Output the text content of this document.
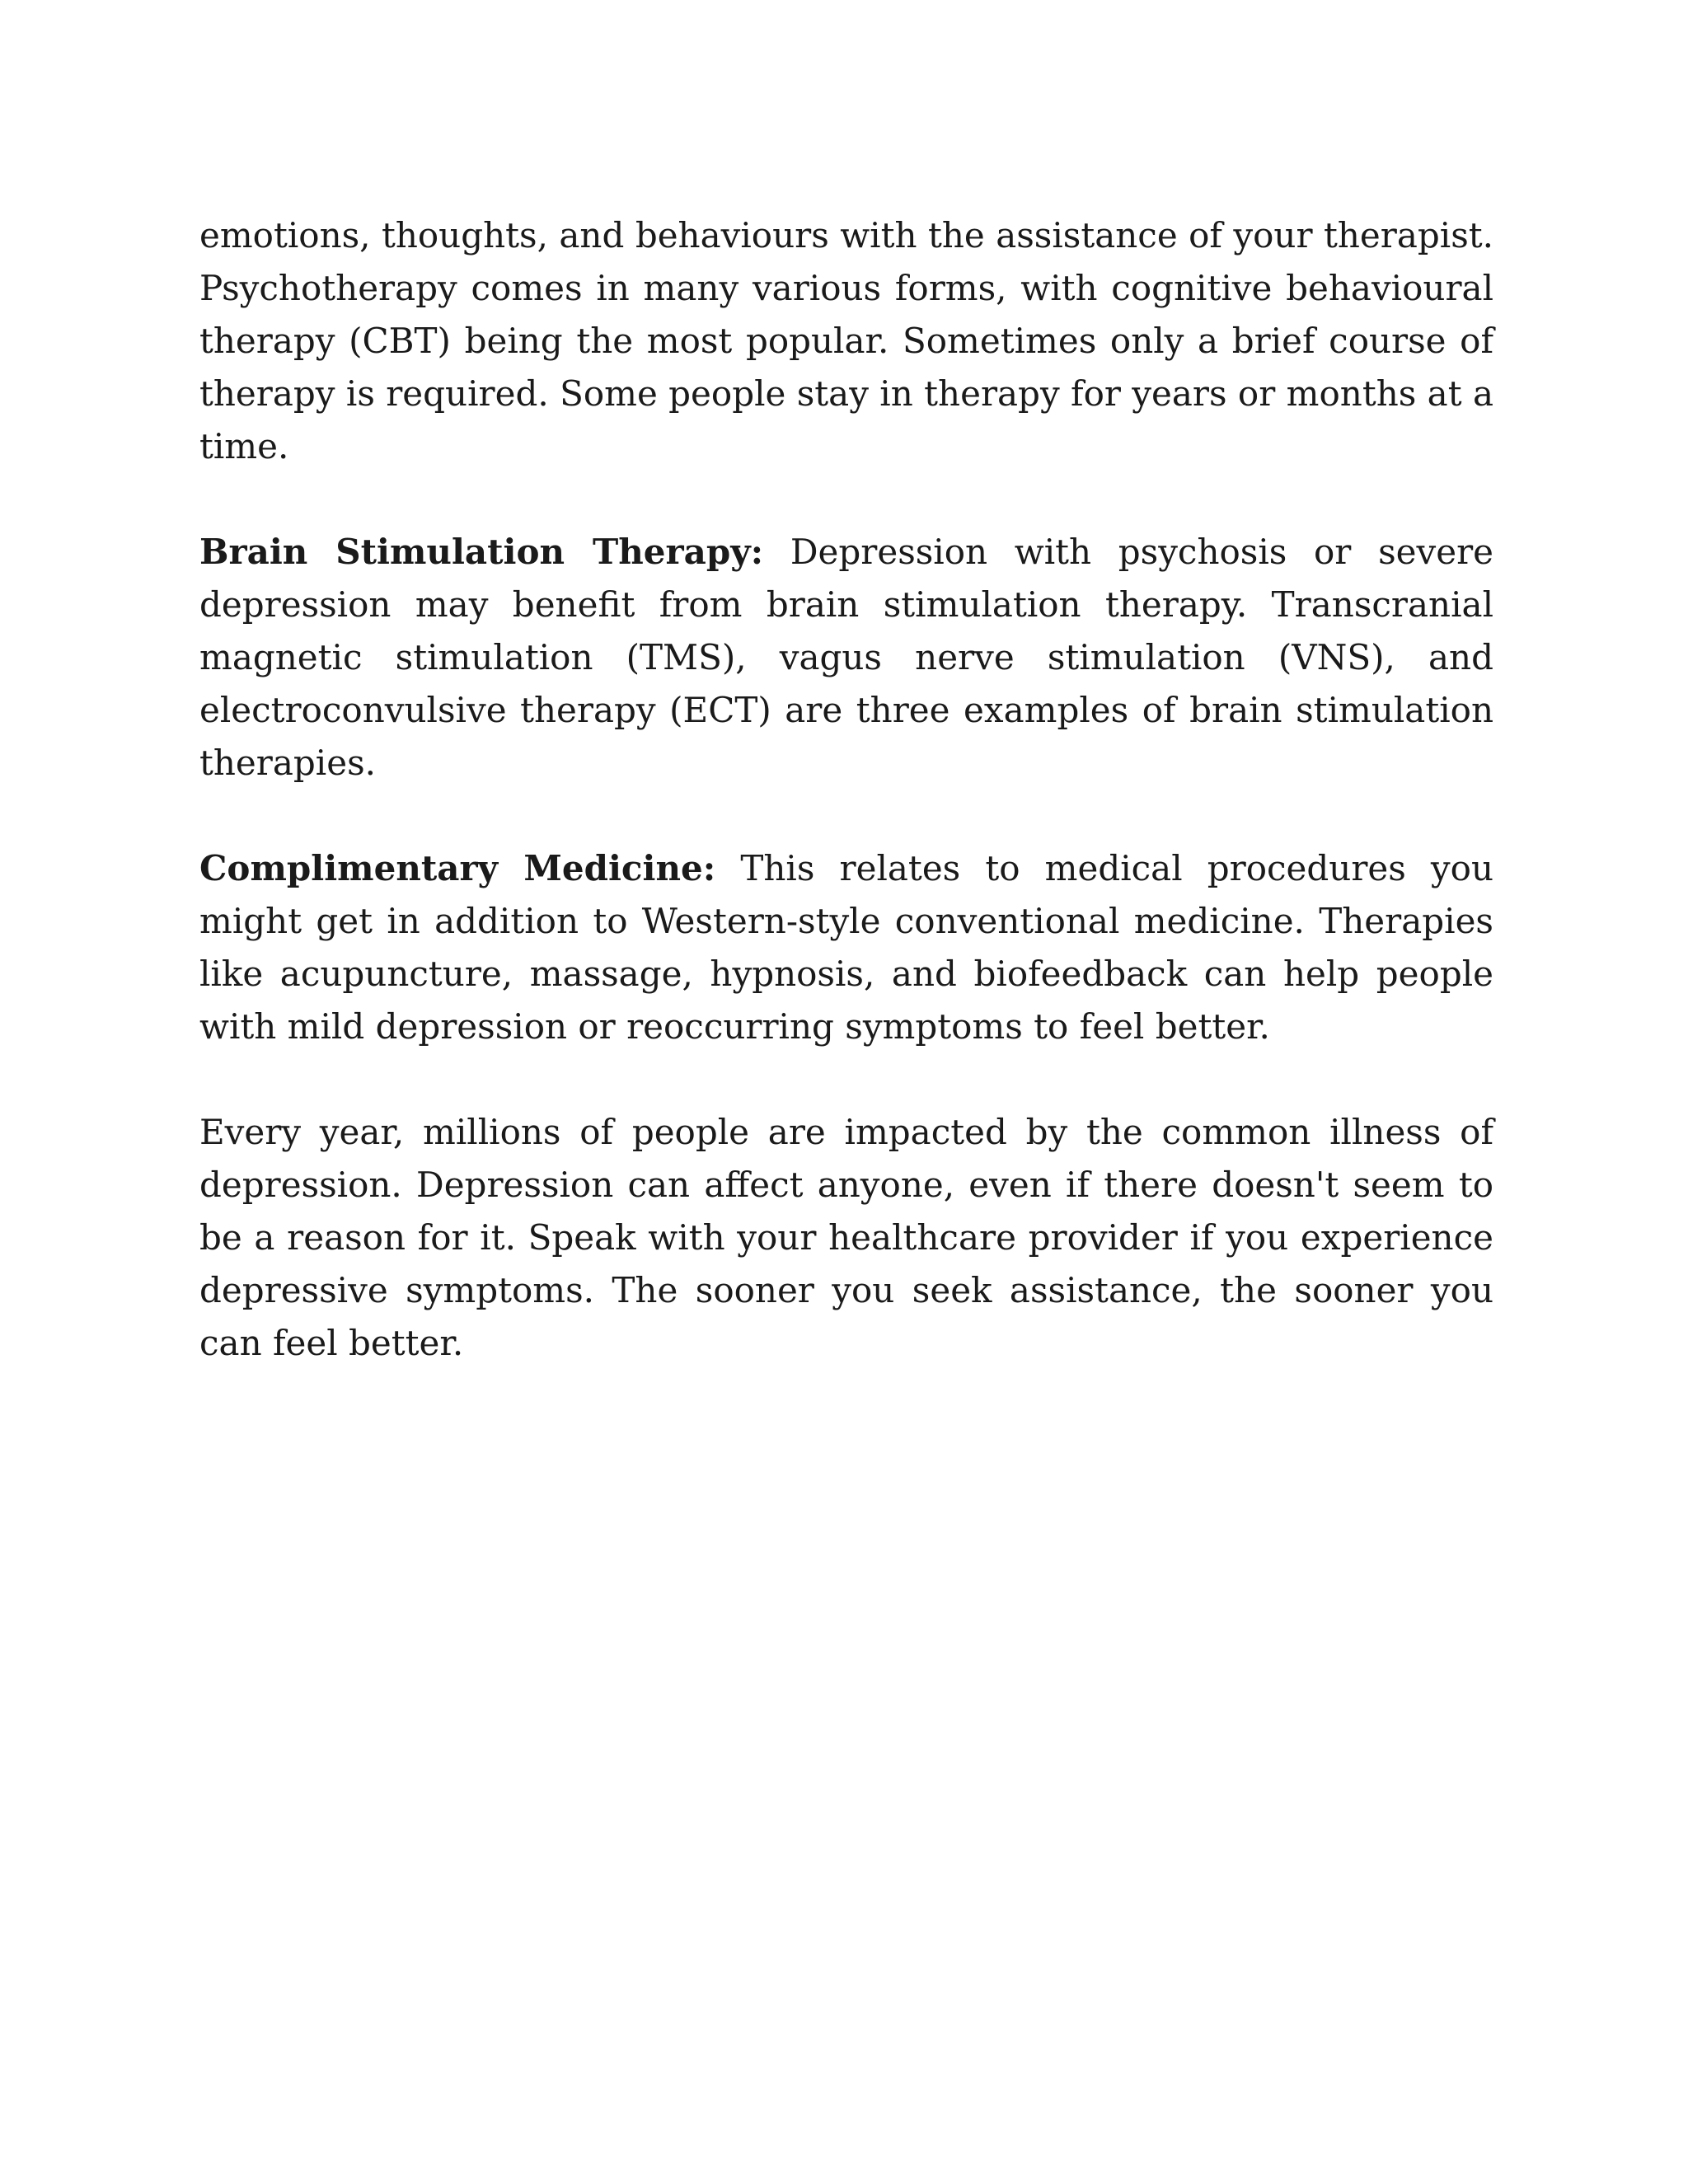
emotions, thoughts, and behaviours with the assistance of your therapist. Psychotherapy comes in many various forms, with cognitive behavioural therapy (CBT) being the most popular. Sometimes only a brief course of therapy is required. Some people stay in therapy for years or months at a time.

Brain Stimulation Therapy: Depression with psychosis or severe depression may benefit from brain stimulation therapy. Transcranial magnetic stimulation (TMS), vagus nerve stimulation (VNS), and electroconvulsive therapy (ECT) are three examples of brain stimulation therapies.

Complimentary Medicine: This relates to medical procedures you might get in addition to Western-style conventional medicine. Therapies like acupuncture, massage, hypnosis, and biofeedback can help people with mild depression or reoccurring symptoms to feel better.

Every year, millions of people are impacted by the common illness of depression. Depression can affect anyone, even if there doesn't seem to be a reason for it. Speak with your healthcare provider if you experience depressive symptoms. The sooner you seek assistance, the sooner you can feel better.
